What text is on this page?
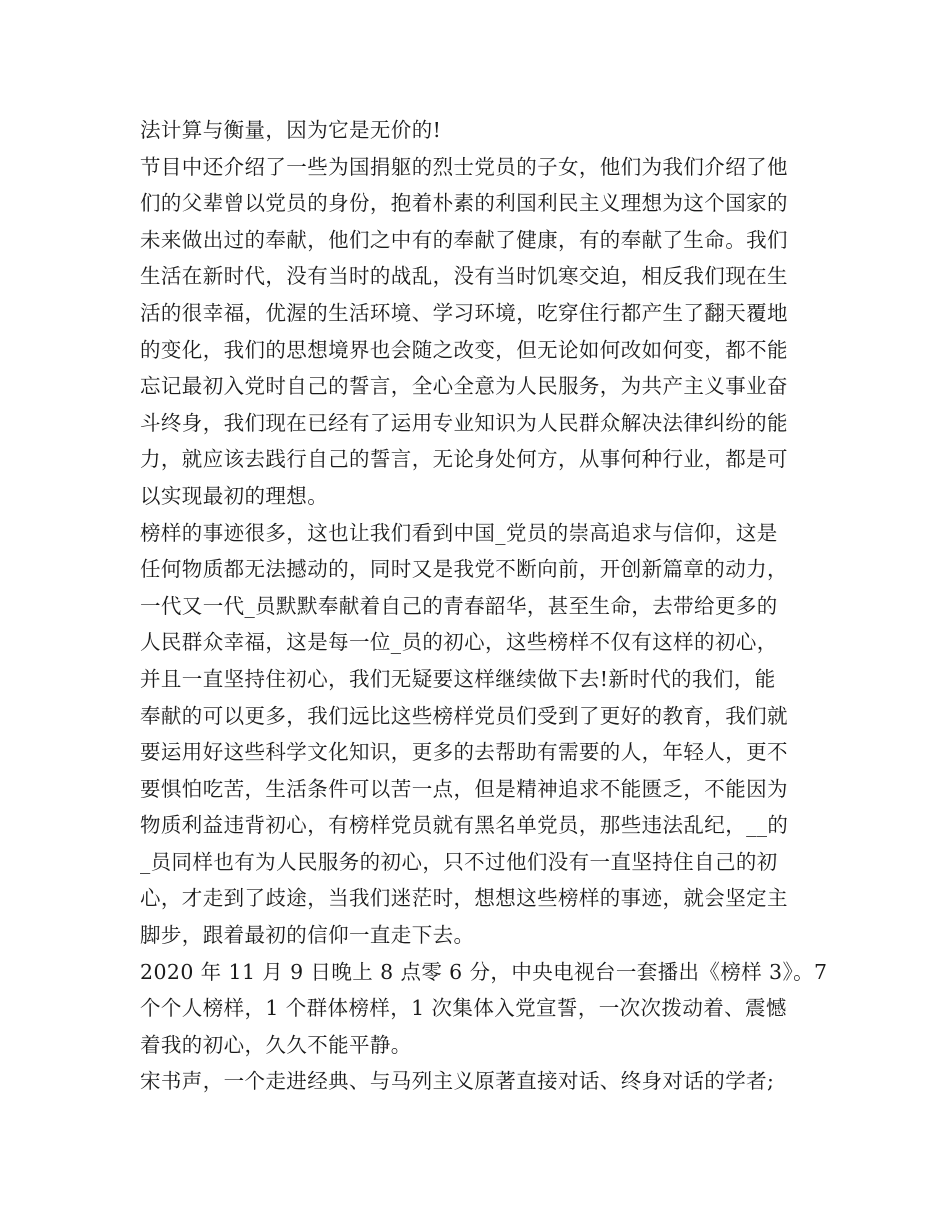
法计算与衡量，因为它是无价的!
节目中还介绍了一些为国捐躯的烈士党员的子女，他们为我们介绍了他
们的父辈曾以党员的身份，抱着朴素的利国利民主义理想为这个国家的
未来做出过的奉献，他们之中有的奉献了健康，有的奉献了生命。我们
生活在新时代，没有当时的战乱，没有当时饥寒交迫，相反我们现在生
活的很幸福，优渥的生活环境、学习环境，吃穿住行都产生了翻天覆地
的变化，我们的思想境界也会随之改变，但无论如何改如何变，都不能
忘记最初入党时自己的誓言，全心全意为人民服务，为共产主义事业奋
斗终身，我们现在已经有了运用专业知识为人民群众解决法律纠纷的能
力，就应该去践行自己的誓言，无论身处何方，从事何种行业，都是可
以实现最初的理想。
榜样的事迹很多，这也让我们看到中国_党员的崇高追求与信仰，这是
任何物质都无法撼动的，同时又是我党不断向前，开创新篇章的动力，
一代又一代_员默默奉献着自己的青春韶华，甚至生命，去带给更多的
人民群众幸福，这是每一位_员的初心，这些榜样不仅有这样的初心，
并且一直坚持住初心，我们无疑要这样继续做下去!新时代的我们，能
奉献的可以更多，我们远比这些榜样党员们受到了更好的教育，我们就
要运用好这些科学文化知识，更多的去帮助有需要的人，年轻人，更不
要惧怕吃苦，生活条件可以苦一点，但是精神追求不能匮乏，不能因为
物质利益违背初心，有榜样党员就有黑名单党员，那些违法乱纪，__的
_员同样也有为人民服务的初心，只不过他们没有一直坚持住自己的初
心，才走到了歧途，当我们迷茫时，想想这些榜样的事迹，就会坚定主
脚步，跟着最初的信仰一直走下去。
2020 年 11 月 9 日晚上 8 点零 6 分，中央电视台一套播出《榜样 3》。7
个个人榜样，1 个群体榜样，1 次集体入党宣誓，一次次拨动着、震憾
着我的初心，久久不能平静。
宋书声，一个走进经典、与马列主义原著直接对话、终身对话的学者;
